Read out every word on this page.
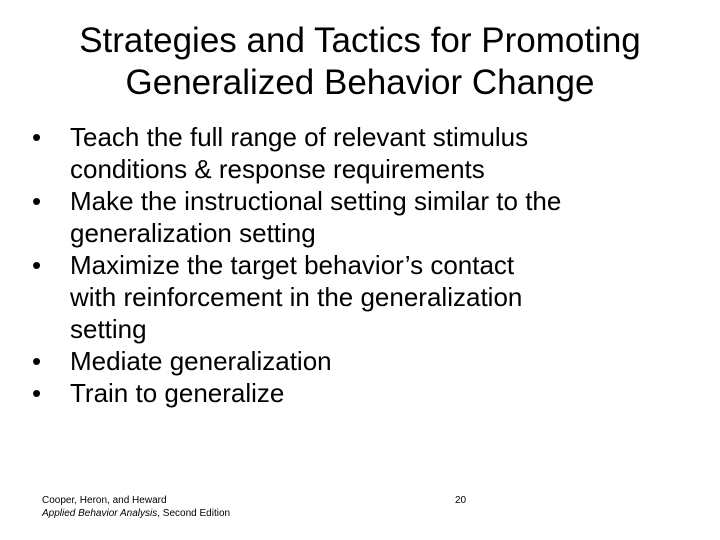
Strategies and Tactics for Promoting
Generalized Behavior Change
•	Teach the full range of relevant stimulus
conditions & response requirements
•	Make the instructional setting similar to the
generalization setting
•	Maximize the target behavior’s contact
with reinforcement in the generalization
setting
•	Mediate generalization
•	Train to generalize
Cooper, Heron, and Heward
Applied Behavior Analysis, Second Edition
20
